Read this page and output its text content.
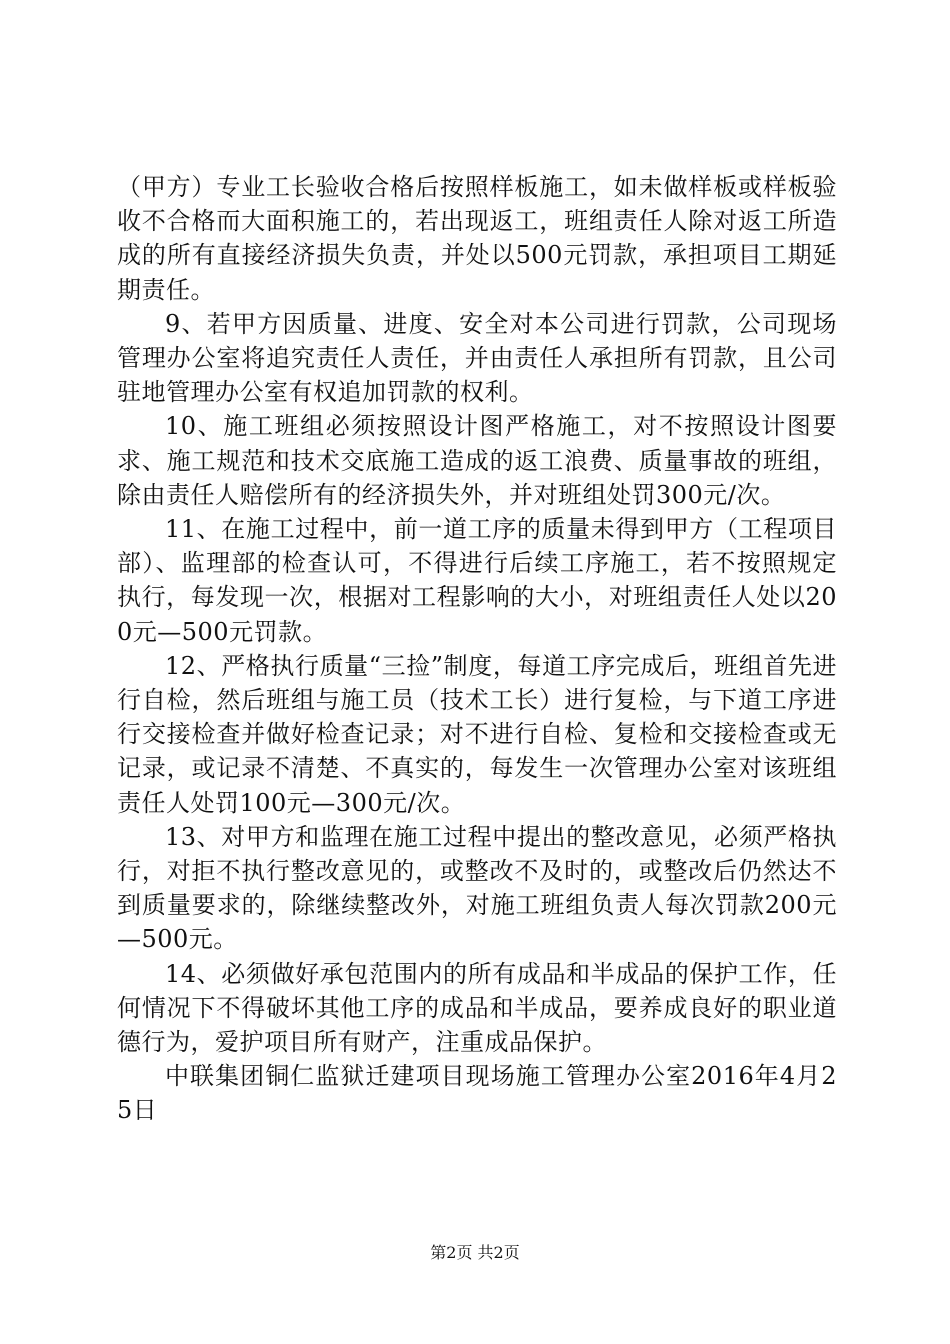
（甲方）专业工长验收合格后按照样板施工，如未做样板或样板验收不合格而大面积施工的，若出现返工，班组责任人除对返工所造成的所有直接经济损失负责，并处以500元罚款，承担项目工期延期责任。

9、若甲方因质量、进度、安全对本公司进行罚款，公司现场管理办公室将追究责任人责任，并由责任人承担所有罚款，且公司驻地管理办公室有权追加罚款的权利。

10、施工班组必须按照设计图严格施工，对不按照设计图要求、施工规范和技术交底施工造成的返工浪费、质量事故的班组，除由责任人赔偿所有的经济损失外，并对班组处罚300元/次。

11、在施工过程中，前一道工序的质量未得到甲方（工程项目部）、监理部的检查认可，不得进行后续工序施工，若不按照规定执行，每发现一次，根据对工程影响的大小，对班组责任人处以200元—500元罚款。

12、严格执行质量“三捡”制度，每道工序完成后，班组首先进行自检，然后班组与施工员（技术工长）进行复检，与下道工序进行交接检查并做好检查记录；对不进行自检、复检和交接检查或无记录，或记录不清楚、不真实的，每发生一次管理办公室对该班组责任人处罚100元—300元/次。

13、对甲方和监理在施工过程中提出的整改意见，必须严格执行，对拒不执行整改意见的，或整改不及时的，或整改后仍然达不到质量要求的，除继续整改外，对施工班组负责人每次罚款200元—500元。

14、必须做好承包范围内的所有成品和半成品的保护工作，任何情况下不得破坏其他工序的成品和半成品，要养成良好的职业道德行为，爱护项目所有财产，注重成品保护。

中联集团铜仁监狱迁建项目现场施工管理办公室2016年4月25日

第2页 共2页
